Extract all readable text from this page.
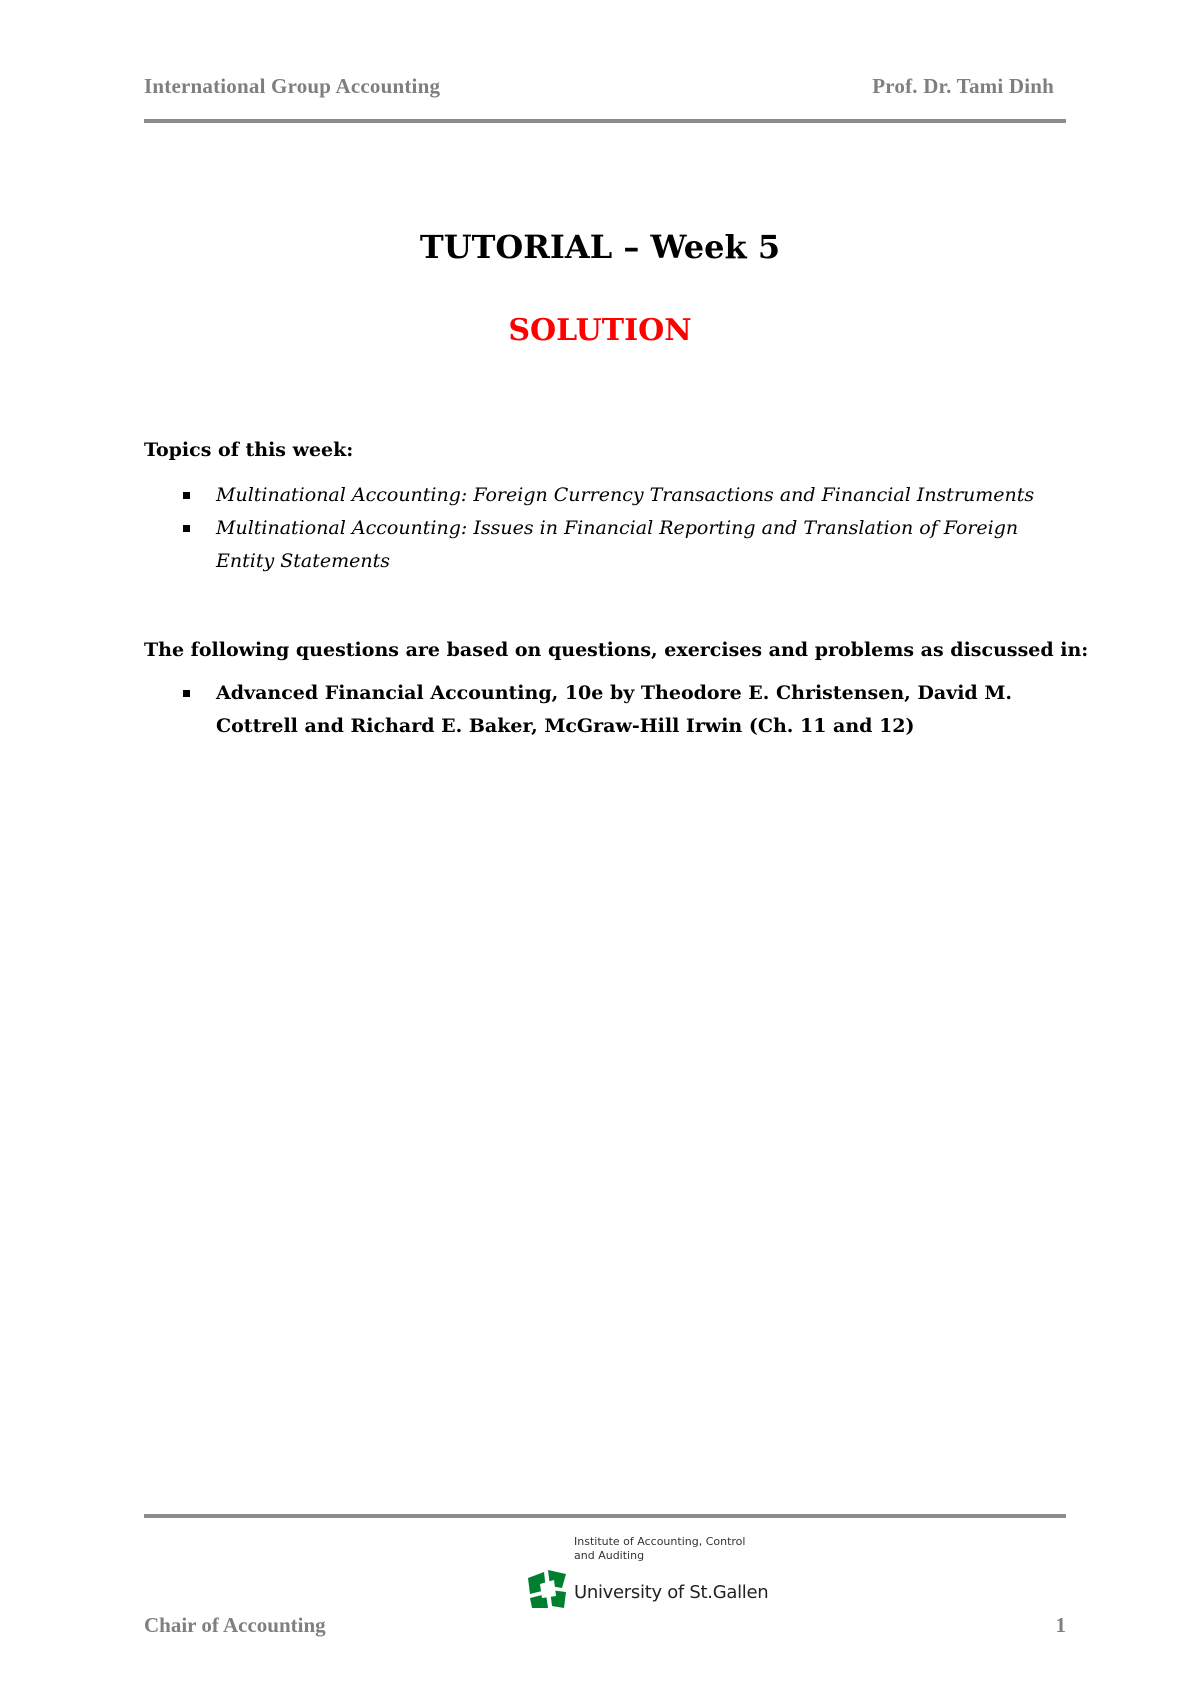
International Group Accounting	Prof. Dr. Tami Dinh
TUTORIAL – Week 5
SOLUTION
Topics of this week:
Multinational Accounting: Foreign Currency Transactions and Financial Instruments
Multinational Accounting: Issues in Financial Reporting and Translation of Foreign Entity Statements
The following questions are based on questions, exercises and problems as discussed in:
Advanced Financial Accounting, 10e by Theodore E. Christensen, David M. Cottrell and Richard E. Baker, McGraw-Hill Irwin (Ch. 11 and 12)
Institute of Accounting, Control
and Auditing
University of St.Gallen
Chair of Accounting	1
